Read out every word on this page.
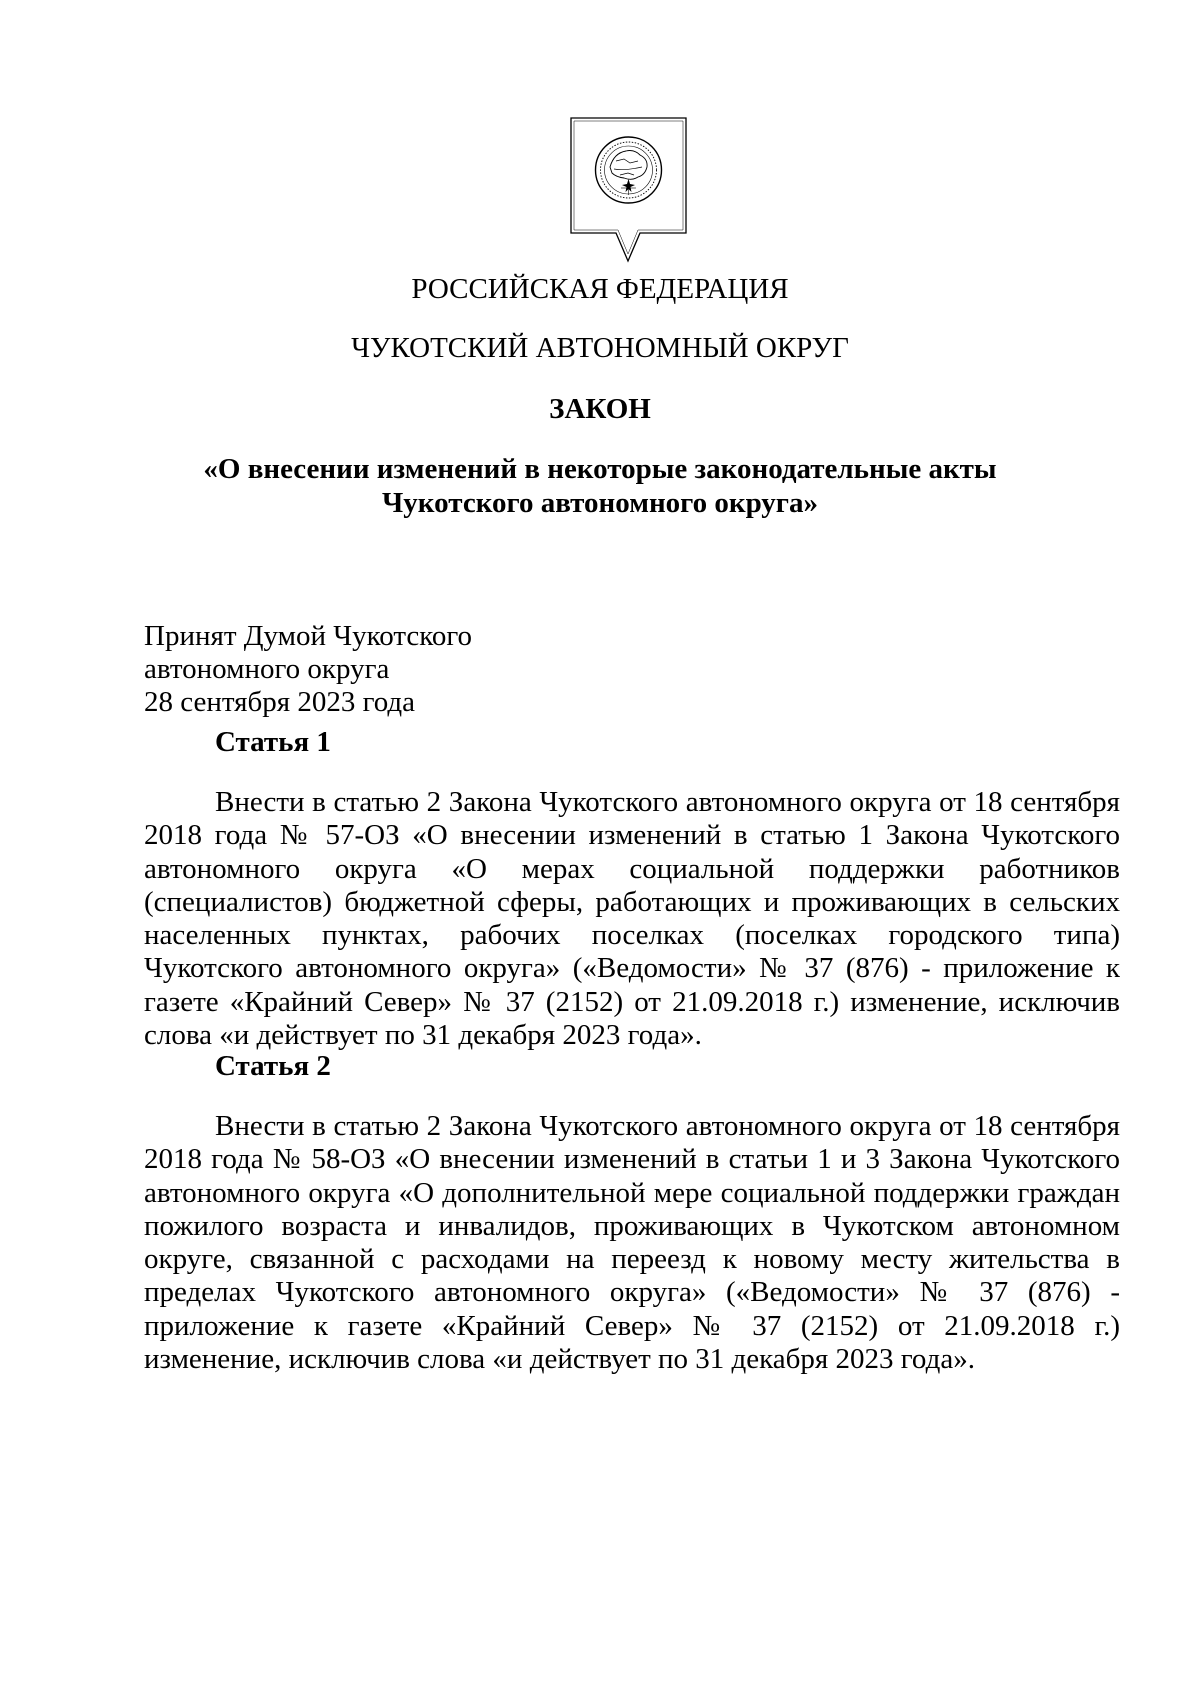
РОССИЙСКАЯ ФЕДЕРАЦИЯ
ЧУКОТСКИЙ АВТОНОМНЫЙ ОКРУГ
ЗАКОН
«О внесении изменений в некоторые законодательные акты
Чукотского автономного округа»
Принят Думой Чукотского
автономного округа
28 сентября 2023 года
Статья 1

Внести в статью 2 Закона Чукотского автономного округа от 18 сентября 2018 года № 57-ОЗ «О внесении изменений в статью 1 Закона Чукотского автономного округа «О мерах социальной поддержки работников (специалистов) бюджетной сферы, работающих и проживающих в сельских населенных пунктах, рабочих поселках (поселках городского типа) Чукотского автономного округа» («Ведомости» № 37 (876) - приложение к газете «Крайний Север» № 37 (2152) от 21.09.2018 г.) изменение, исключив слова «и действует по 31 декабря 2023 года».

Статья 2

Внести в статью 2 Закона Чукотского автономного округа от 18 сентября 2018 года № 58-ОЗ «О внесении изменений в статьи 1 и 3 Закона Чукотского автономного округа «О дополнительной мере социальной поддержки граждан пожилого возраста и инвалидов, проживающих в Чукотском автономном округе, связанной с расходами на переезд к новому месту жительства в пределах Чукотского автономного округа» («Ведомости» № 37 (876) - приложение к газете «Крайний Север» № 37 (2152) от 21.09.2018 г.) изменение, исключив слова «и действует по 31 декабря 2023 года».
